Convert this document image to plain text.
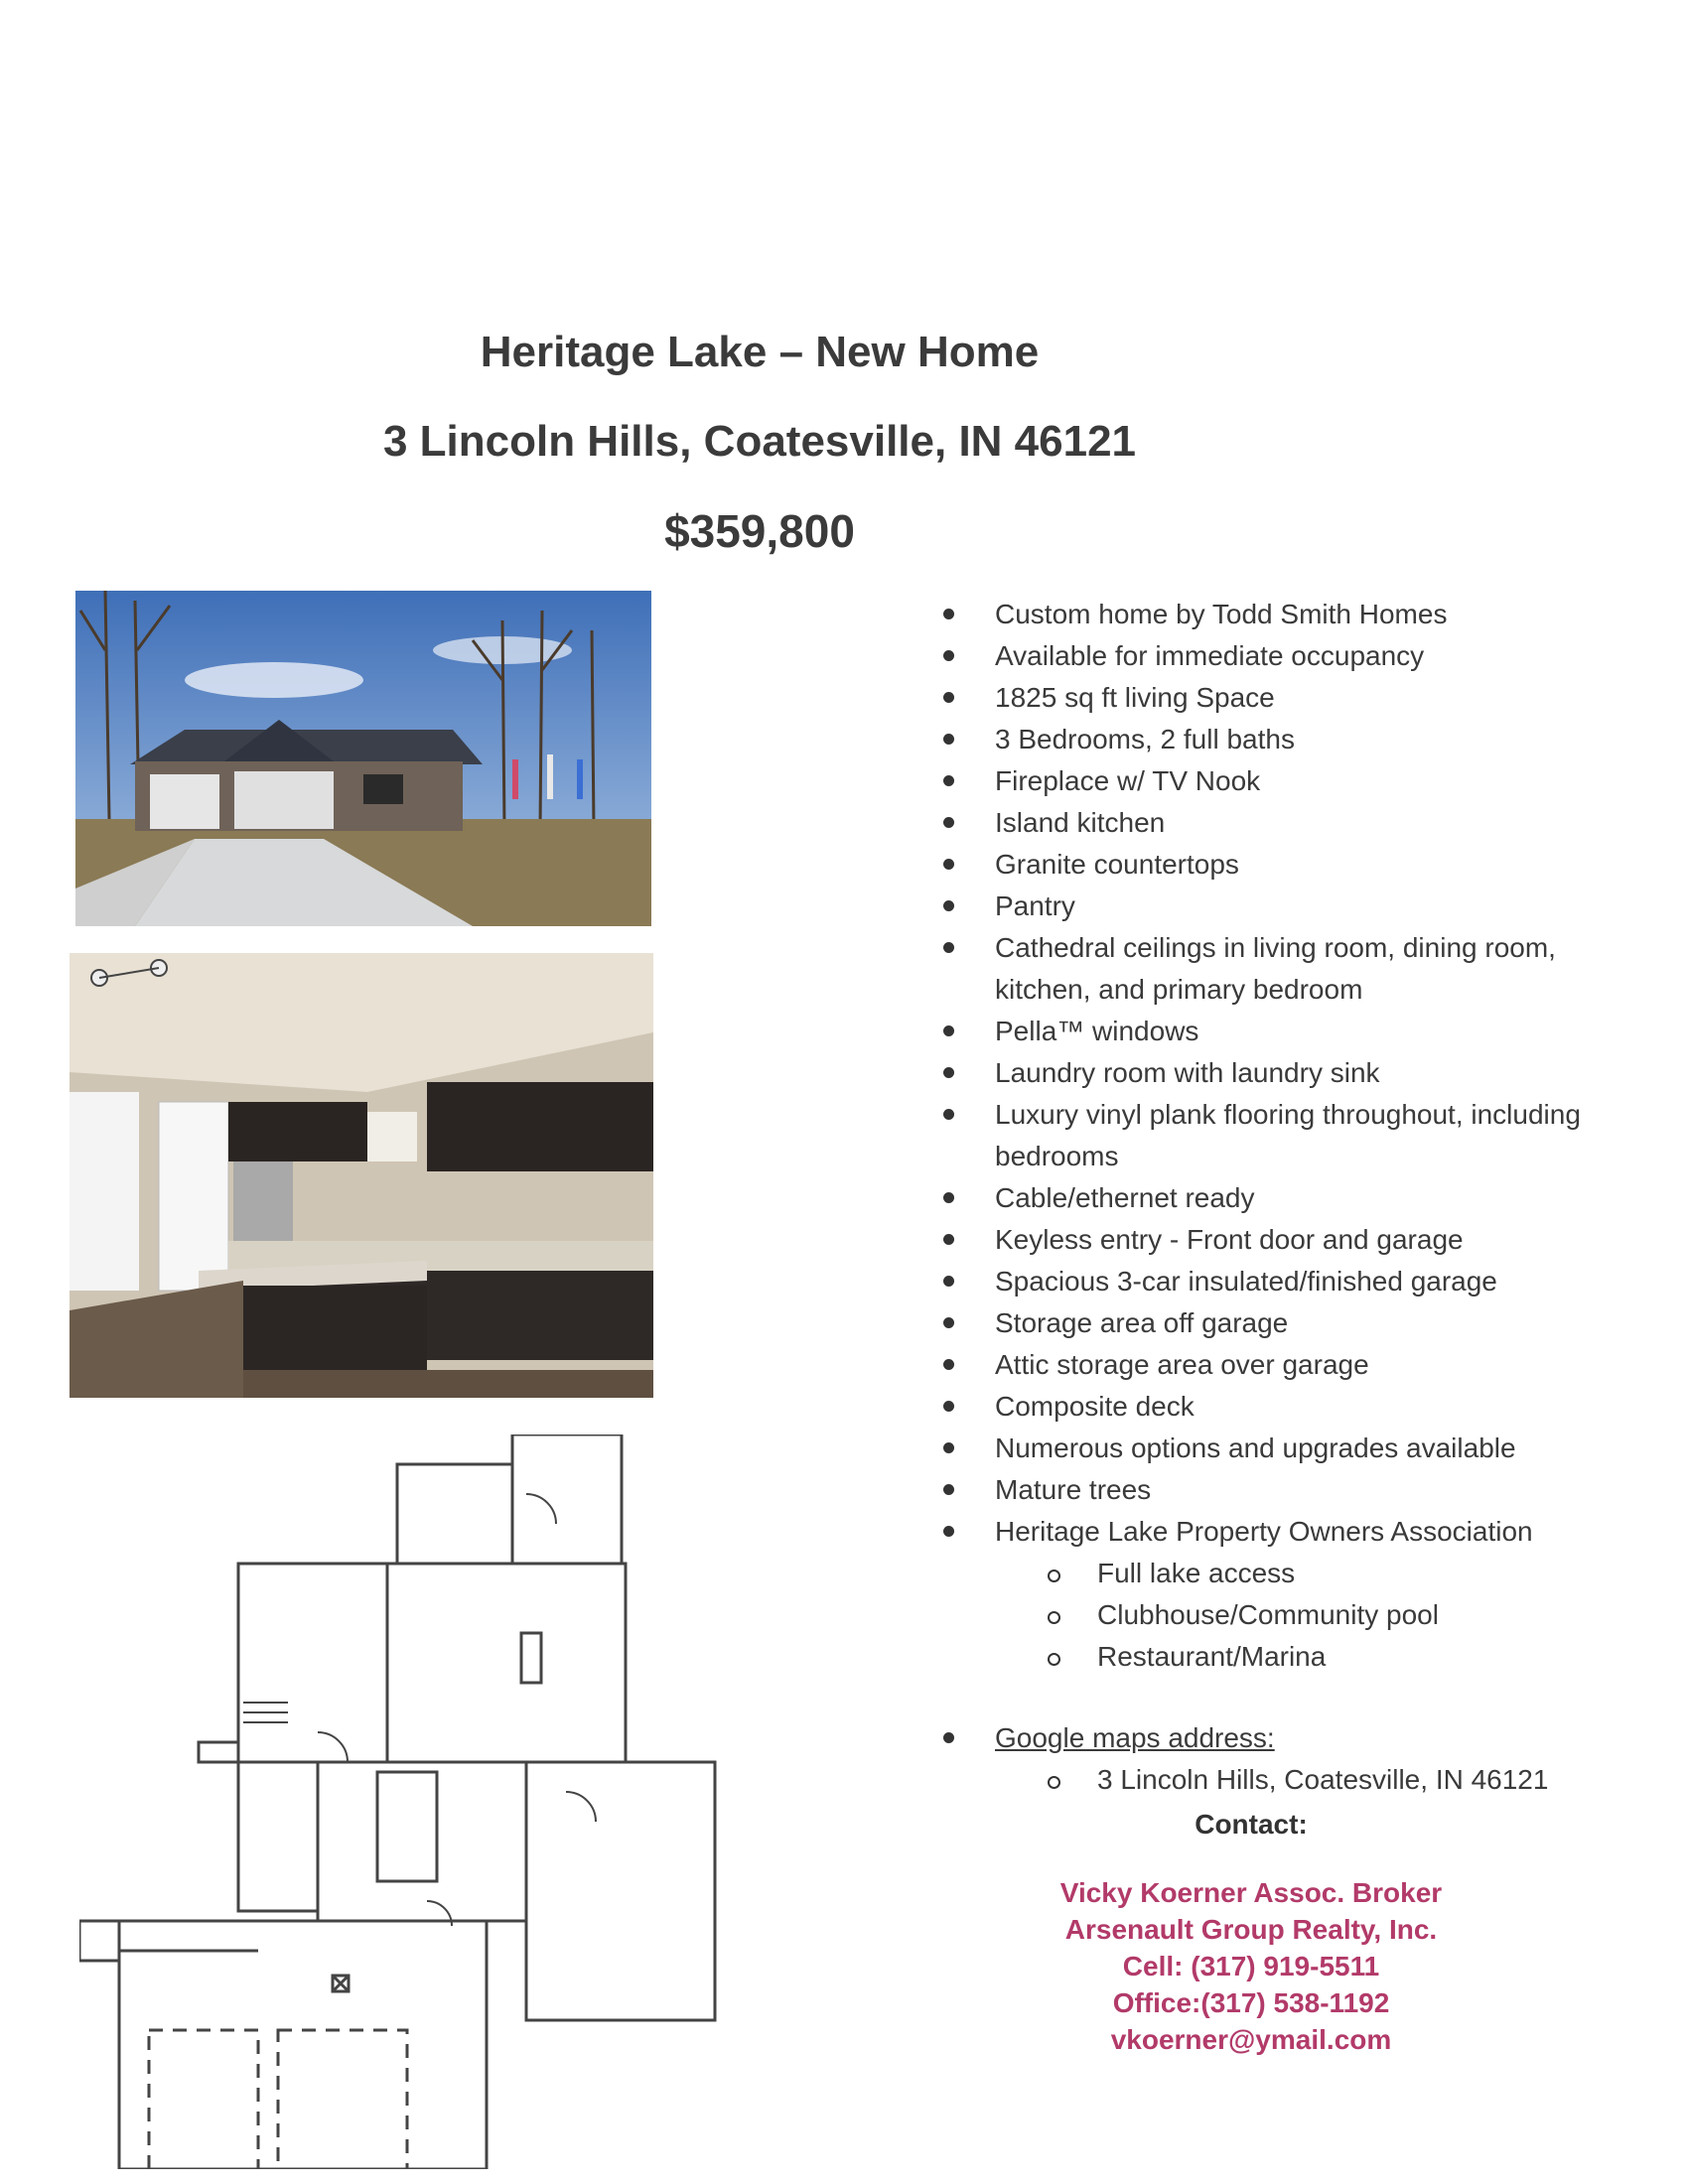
Heritage Lake – New Home
3 Lincoln Hills, Coatesville, IN 46121
$359,800
Custom home by Todd Smith Homes
Available for immediate occupancy
1825 sq ft living Space
3 Bedrooms, 2 full baths
Fireplace w/ TV Nook
Island kitchen
Granite countertops
Pantry
Cathedral ceilings in living room, dining room, kitchen, and primary bedroom
Pella™ windows
Laundry room with laundry sink
Luxury vinyl plank flooring throughout, including bedrooms
Cable/ethernet ready
Keyless entry - Front door and garage
Spacious 3-car insulated/finished garage
Storage area off garage
Attic storage area over garage
Composite deck
Numerous options and upgrades available
Mature trees
Heritage Lake Property Owners Association
Full lake access
Clubhouse/Community pool
Restaurant/Marina
Google maps address:
3 Lincoln Hills, Coatesville, IN 46121
Contact:
Vicky Koerner Assoc. Broker
Arsenault Group Realty, Inc.
Cell: (317) 919-5511
Office:(317) 538-1192
vkoerner@ymail.com
